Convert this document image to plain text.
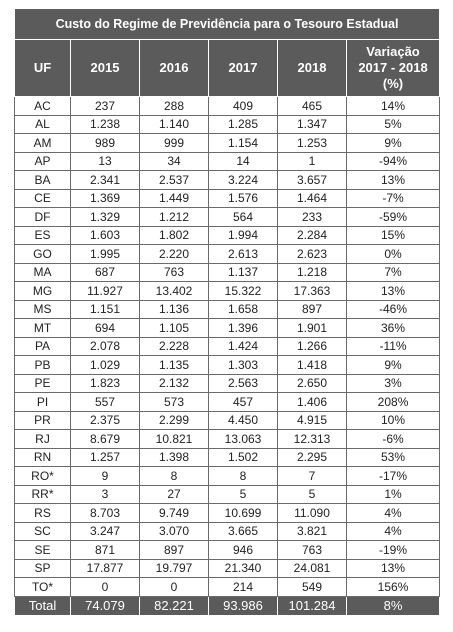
Custo do Regime de Previdência para o Tesouro Estadual					
UF	2015	2016	2017	2018	Variação
2017 - 2018
(%)

AC	237	288	409	465	14%
AL	1.238	1.140	1.285	1.347	5%
AM	989	999	1.154	1.253	9%
AP	13	34	14	1	-94%
BA	2.341	2.537	3.224	3.657	13%
CE	1.369	1.449	1.576	1.464	-7%
DF	1.329	1.212	564	233	-59%
ES	1.603	1.802	1.994	2.284	15%
GO	1.995	2.220	2.613	2.623	0%
MA	687	763	1.137	1.218	7%
MG	11.927	13.402	15.322	17.363	13%
MS	1.151	1.136	1.658	897	-46%
MT	694	1.105	1.396	1.901	36%
PA	2.078	2.228	1.424	1.266	-11%
PB	1.029	1.135	1.303	1.418	9%
PE	1.823	2.132	2.563	2.650	3%
PI	557	573	457	1.406	208%
PR	2.375	2.299	4.450	4.915	10%
RJ	8.679	10.821	13.063	12.313	-6%
RN	1.257	1.398	1.502	2.295	53%
RO*	9	8	8	7	-17%
RR*	3	27	5	5	1%
RS	8.703	9.749	10.699	11.090	4%
SC	3.247	3.070	3.665	3.821	4%
SE	871	897	946	763	-19%
SP	17.877	19.797	21.340	24.081	13%
TO*	0	0	214	549	156%
Total	74.079	82.221	93.986	101.284	8%
